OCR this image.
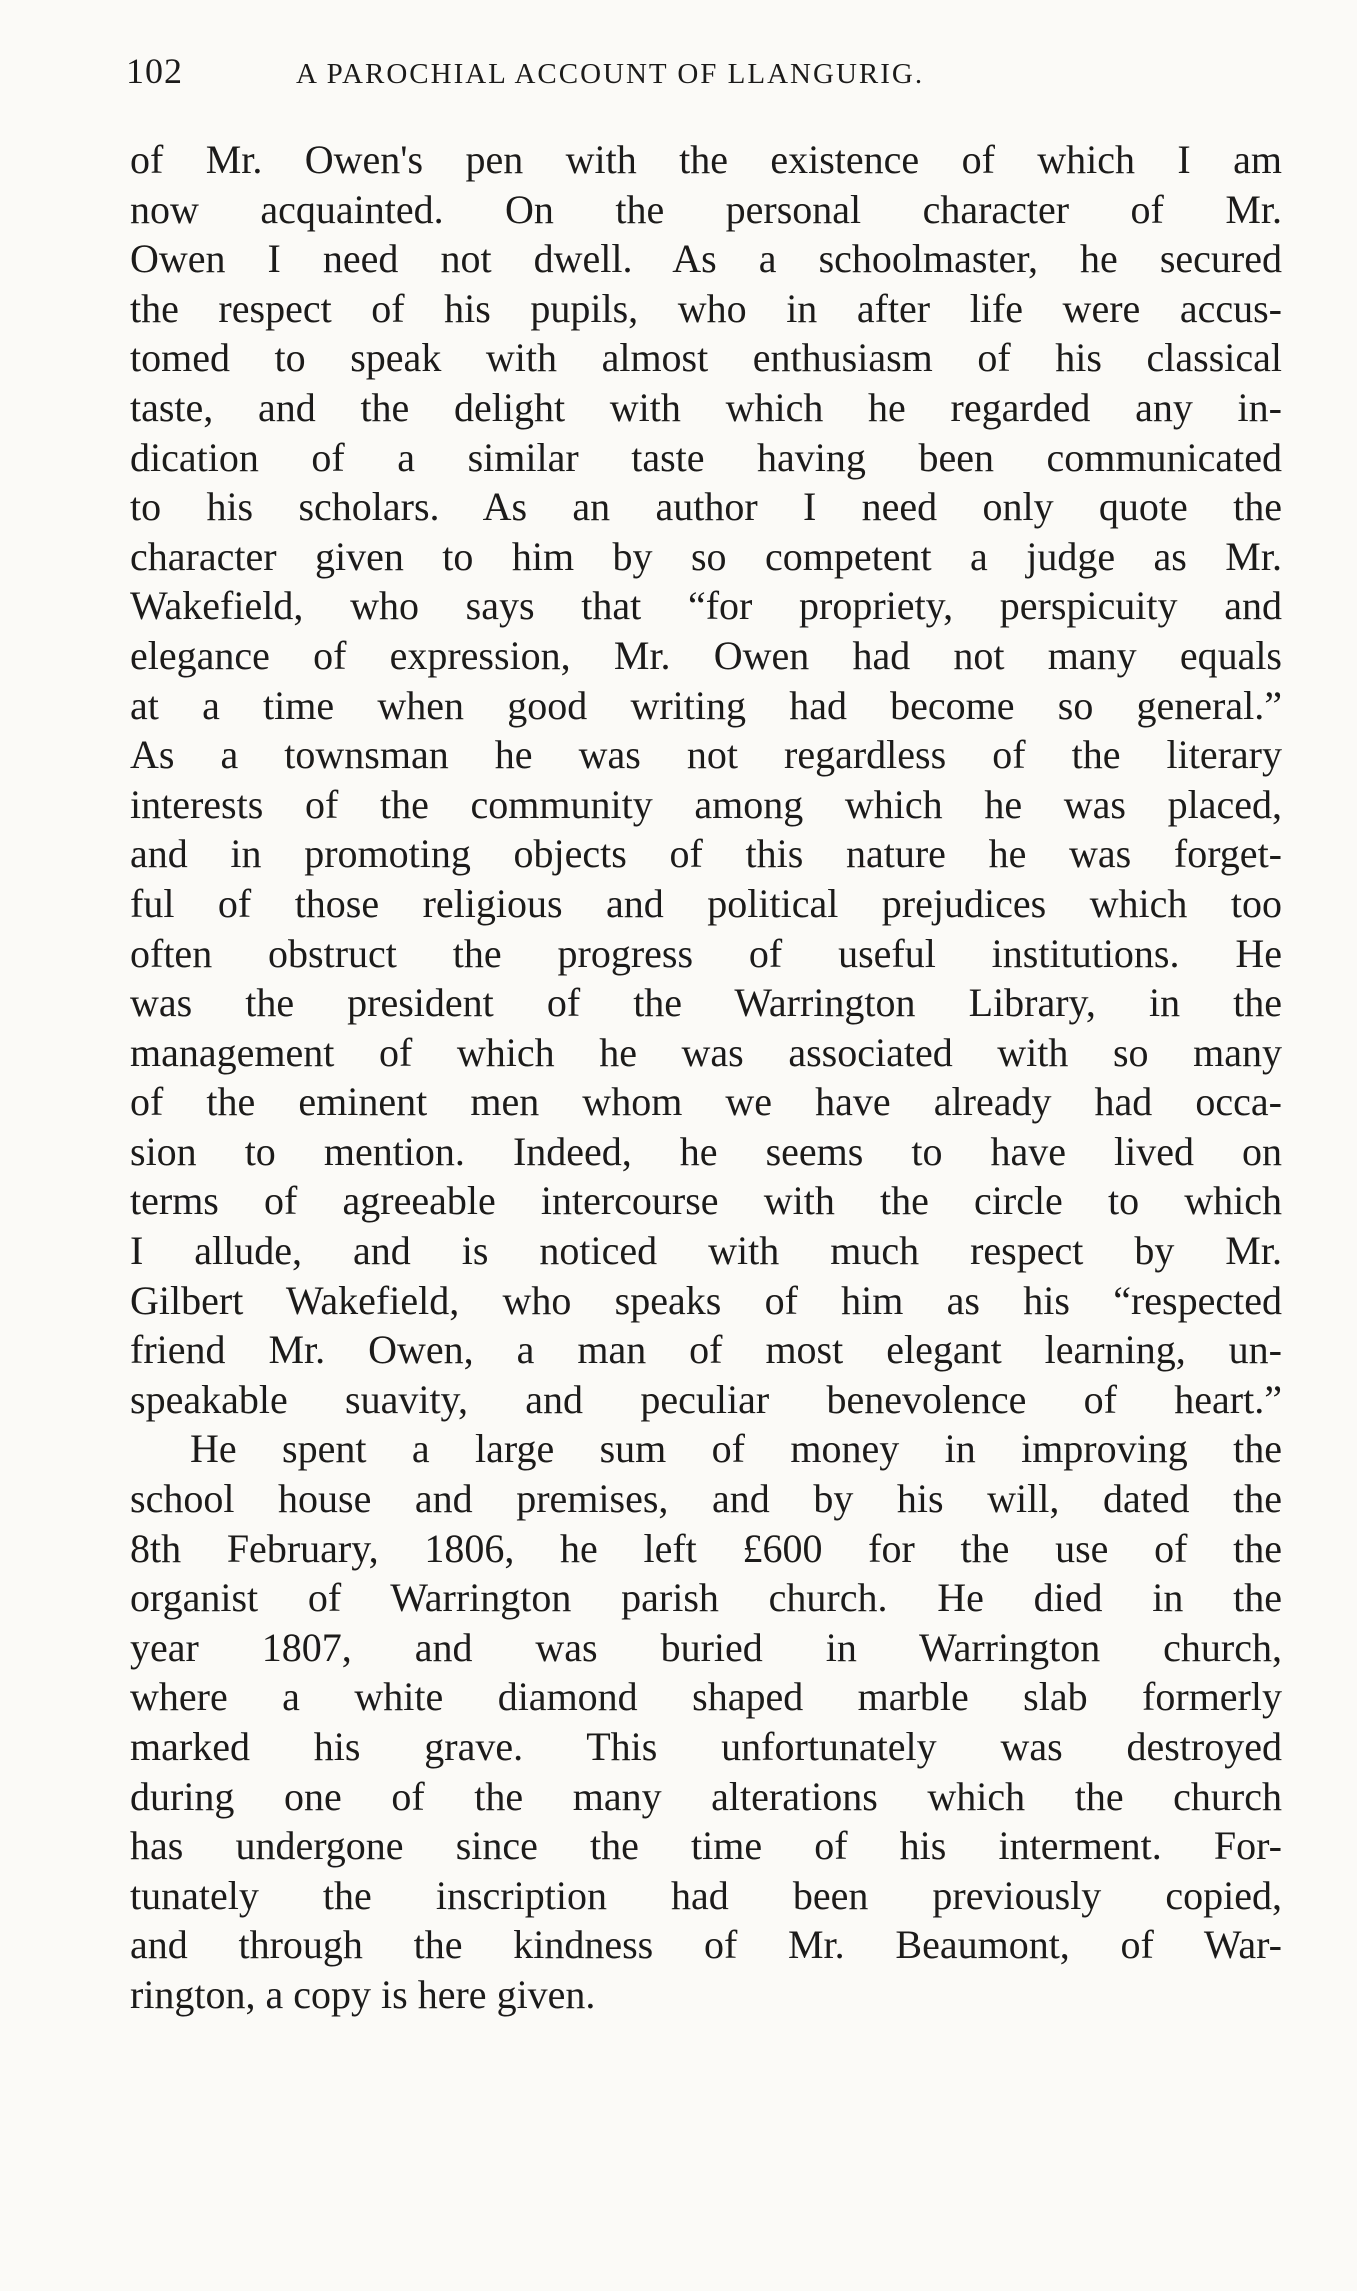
102	A PAROCHIAL ACCOUNT OF LLANGURIG.
of Mr. Owen's pen with the existence of which I am
now acquainted. On the personal character of Mr.
Owen I need not dwell. As a schoolmaster, he secured
the respect of his pupils, who in after life were accus-
tomed to speak with almost enthusiasm of his classical
taste, and the delight with which he regarded any in-
dication of a similar taste having been communicated
to his scholars. As an author I need only quote the
character given to him by so competent a judge as Mr.
Wakefield, who says that “for propriety, perspicuity and
elegance of expression, Mr. Owen had not many equals
at a time when good writing had become so general.”
As a townsman he was not regardless of the literary
interests of the community among which he was placed,
and in promoting objects of this nature he was forget-
ful of those religious and political prejudices which too
often obstruct the progress of useful institutions. He
was the president of the Warrington Library, in the
management of which he was associated with so many
of the eminent men whom we have already had occa-
sion to mention. Indeed, he seems to have lived on
terms of agreeable intercourse with the circle to which
I allude, and is noticed with much respect by Mr.
Gilbert Wakefield, who speaks of him as his “respected
friend Mr. Owen, a man of most elegant learning, un-
speakable suavity, and peculiar benevolence of heart.”
He spent a large sum of money in improving the
school house and premises, and by his will, dated the
8th February, 1806, he left £600 for the use of the
organist of Warrington parish church. He died in the
year 1807, and was buried in Warrington church,
where a white diamond shaped marble slab formerly
marked his grave. This unfortunately was destroyed
during one of the many alterations which the church
has undergone since the time of his interment. For-
tunately the inscription had been previously copied,
and through the kindness of Mr. Beaumont, of War-
rington, a copy is here given.
